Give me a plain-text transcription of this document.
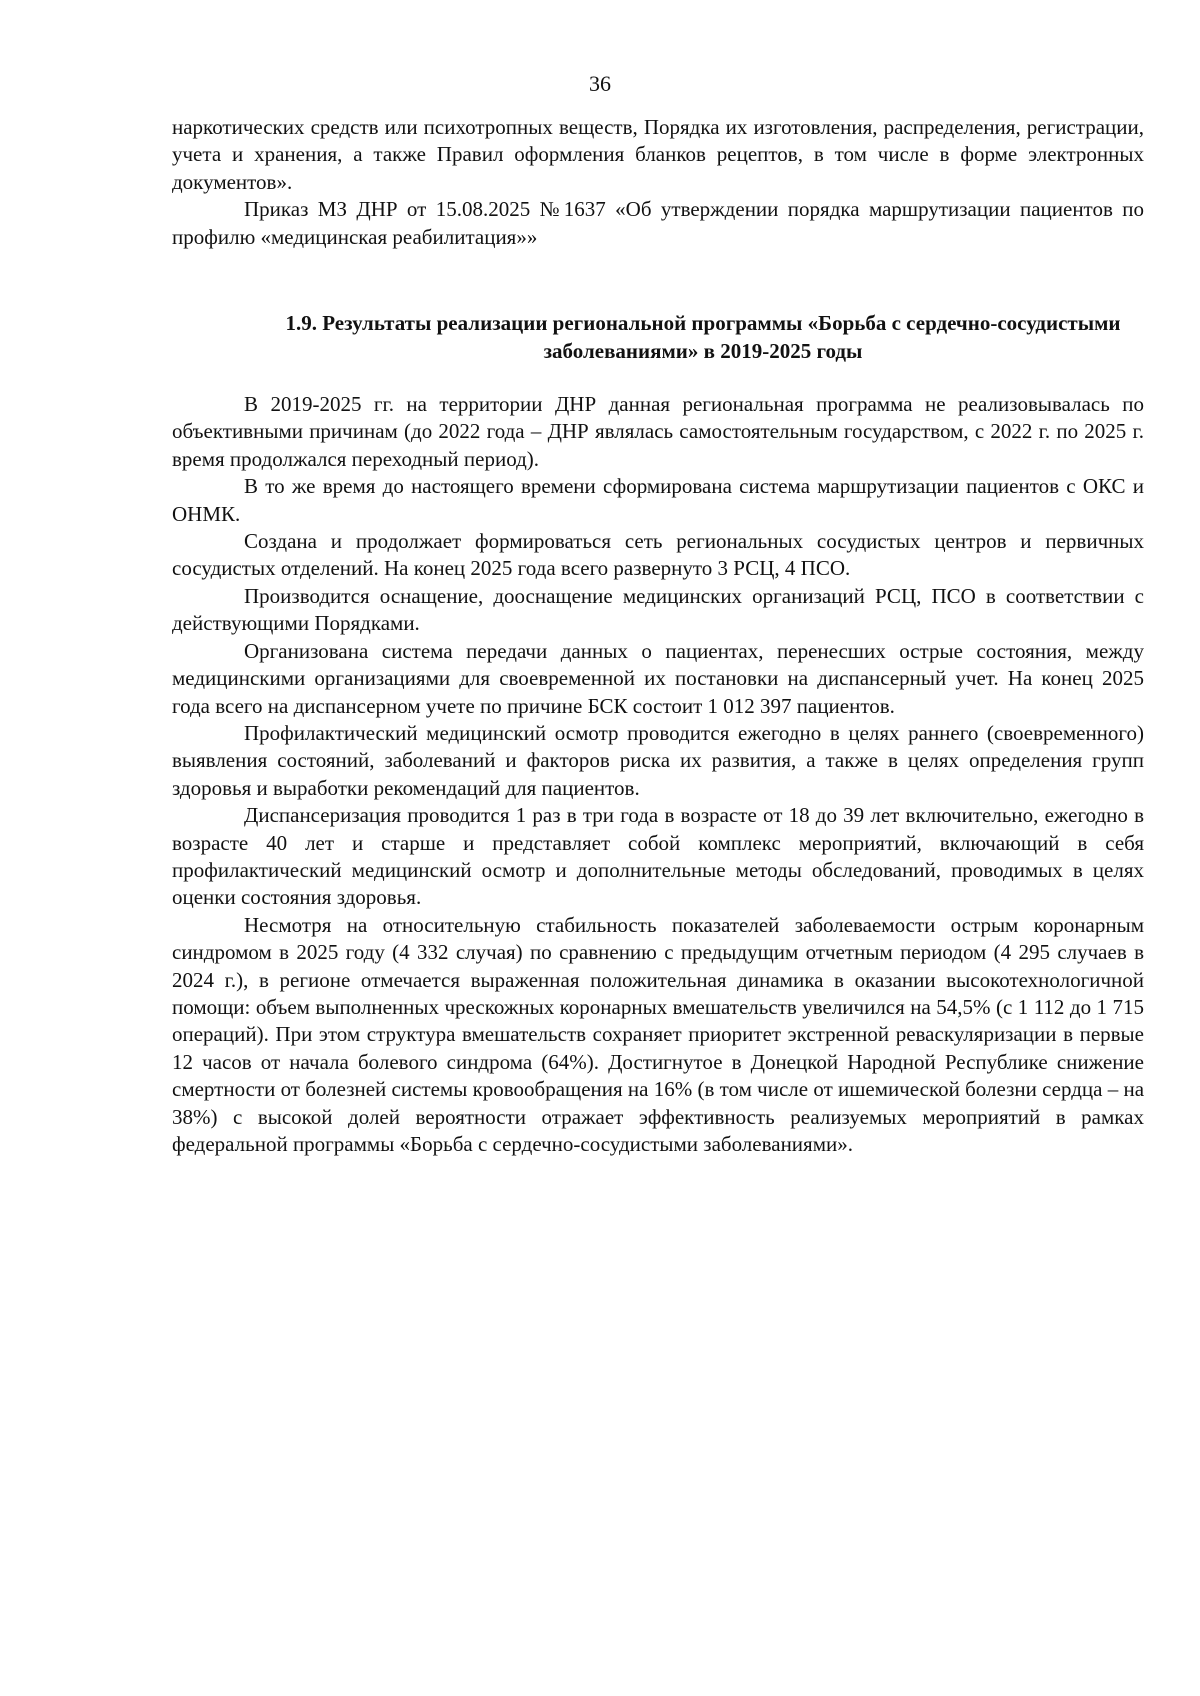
36

наркотических средств или психотропных веществ, Порядка их изготовления, распределения, регистрации, учета и хранения, а также Правил оформления бланков рецептов, в том числе в форме электронных документов».

Приказ МЗ ДНР от 15.08.2025 №1637 «Об утверждении порядка маршрутизации пациентов по профилю «медицинская реабилитация»»

1.9. Результаты реализации региональной программы «Борьба с сердечно-сосудистыми заболеваниями» в 2019-2025 годы

В 2019-2025 гг. на территории ДНР данная региональная программа не реализовывалась по объективными причинам (до 2022 года – ДНР являлась самостоятельным государством, с 2022 г. по 2025 г. время продолжался переходный период).

В то же время до настоящего времени сформирована система маршрутизации пациентов с ОКС и ОНМК.

Создана и продолжает формироваться сеть региональных сосудистых центров и первичных сосудистых отделений. На конец 2025 года всего развернуто 3 РСЦ, 4 ПСО.

Производится оснащение, дооснащение медицинских организаций РСЦ, ПСО в соответствии с действующими Порядками.

Организована система передачи данных о пациентах, перенесших острые состояния, между медицинскими организациями для своевременной их постановки на диспансерный учет. На конец 2025 года всего на диспансерном учете по причине БСК состоит 1 012 397 пациентов.

Профилактический медицинский осмотр проводится ежегодно в целях раннего (своевременного) выявления состояний, заболеваний и факторов риска их развития, а также в целях определения групп здоровья и выработки рекомендаций для пациентов.

Диспансеризация проводится 1 раз в три года в возрасте от 18 до 39 лет включительно, ежегодно в возрасте 40 лет и старше и представляет собой комплекс мероприятий, включающий в себя профилактический медицинский осмотр и дополнительные методы обследований, проводимых в целях оценки состояния здоровья.

Несмотря на относительную стабильность показателей заболеваемости острым коронарным синдромом в 2025 году (4 332 случая) по сравнению с предыдущим отчетным периодом (4 295 случаев в 2024 г.), в регионе отмечается выраженная положительная динамика в оказании высокотехнологичной помощи: объем выполненных чрескожных коронарных вмешательств увеличился на 54,5% (с 1 112 до 1 715 операций). При этом структура вмешательств сохраняет приоритет экстренной реваскуляризации в первые 12 часов от начала болевого синдрома (64%). Достигнутое в Донецкой Народной Республике снижение смертности от болезней системы кровообращения на 16% (в том числе от ишемической болезни сердца – на 38%) с высокой долей вероятности отражает эффективность реализуемых мероприятий в рамках федеральной программы «Борьба с сердечно-сосудистыми заболеваниями».
